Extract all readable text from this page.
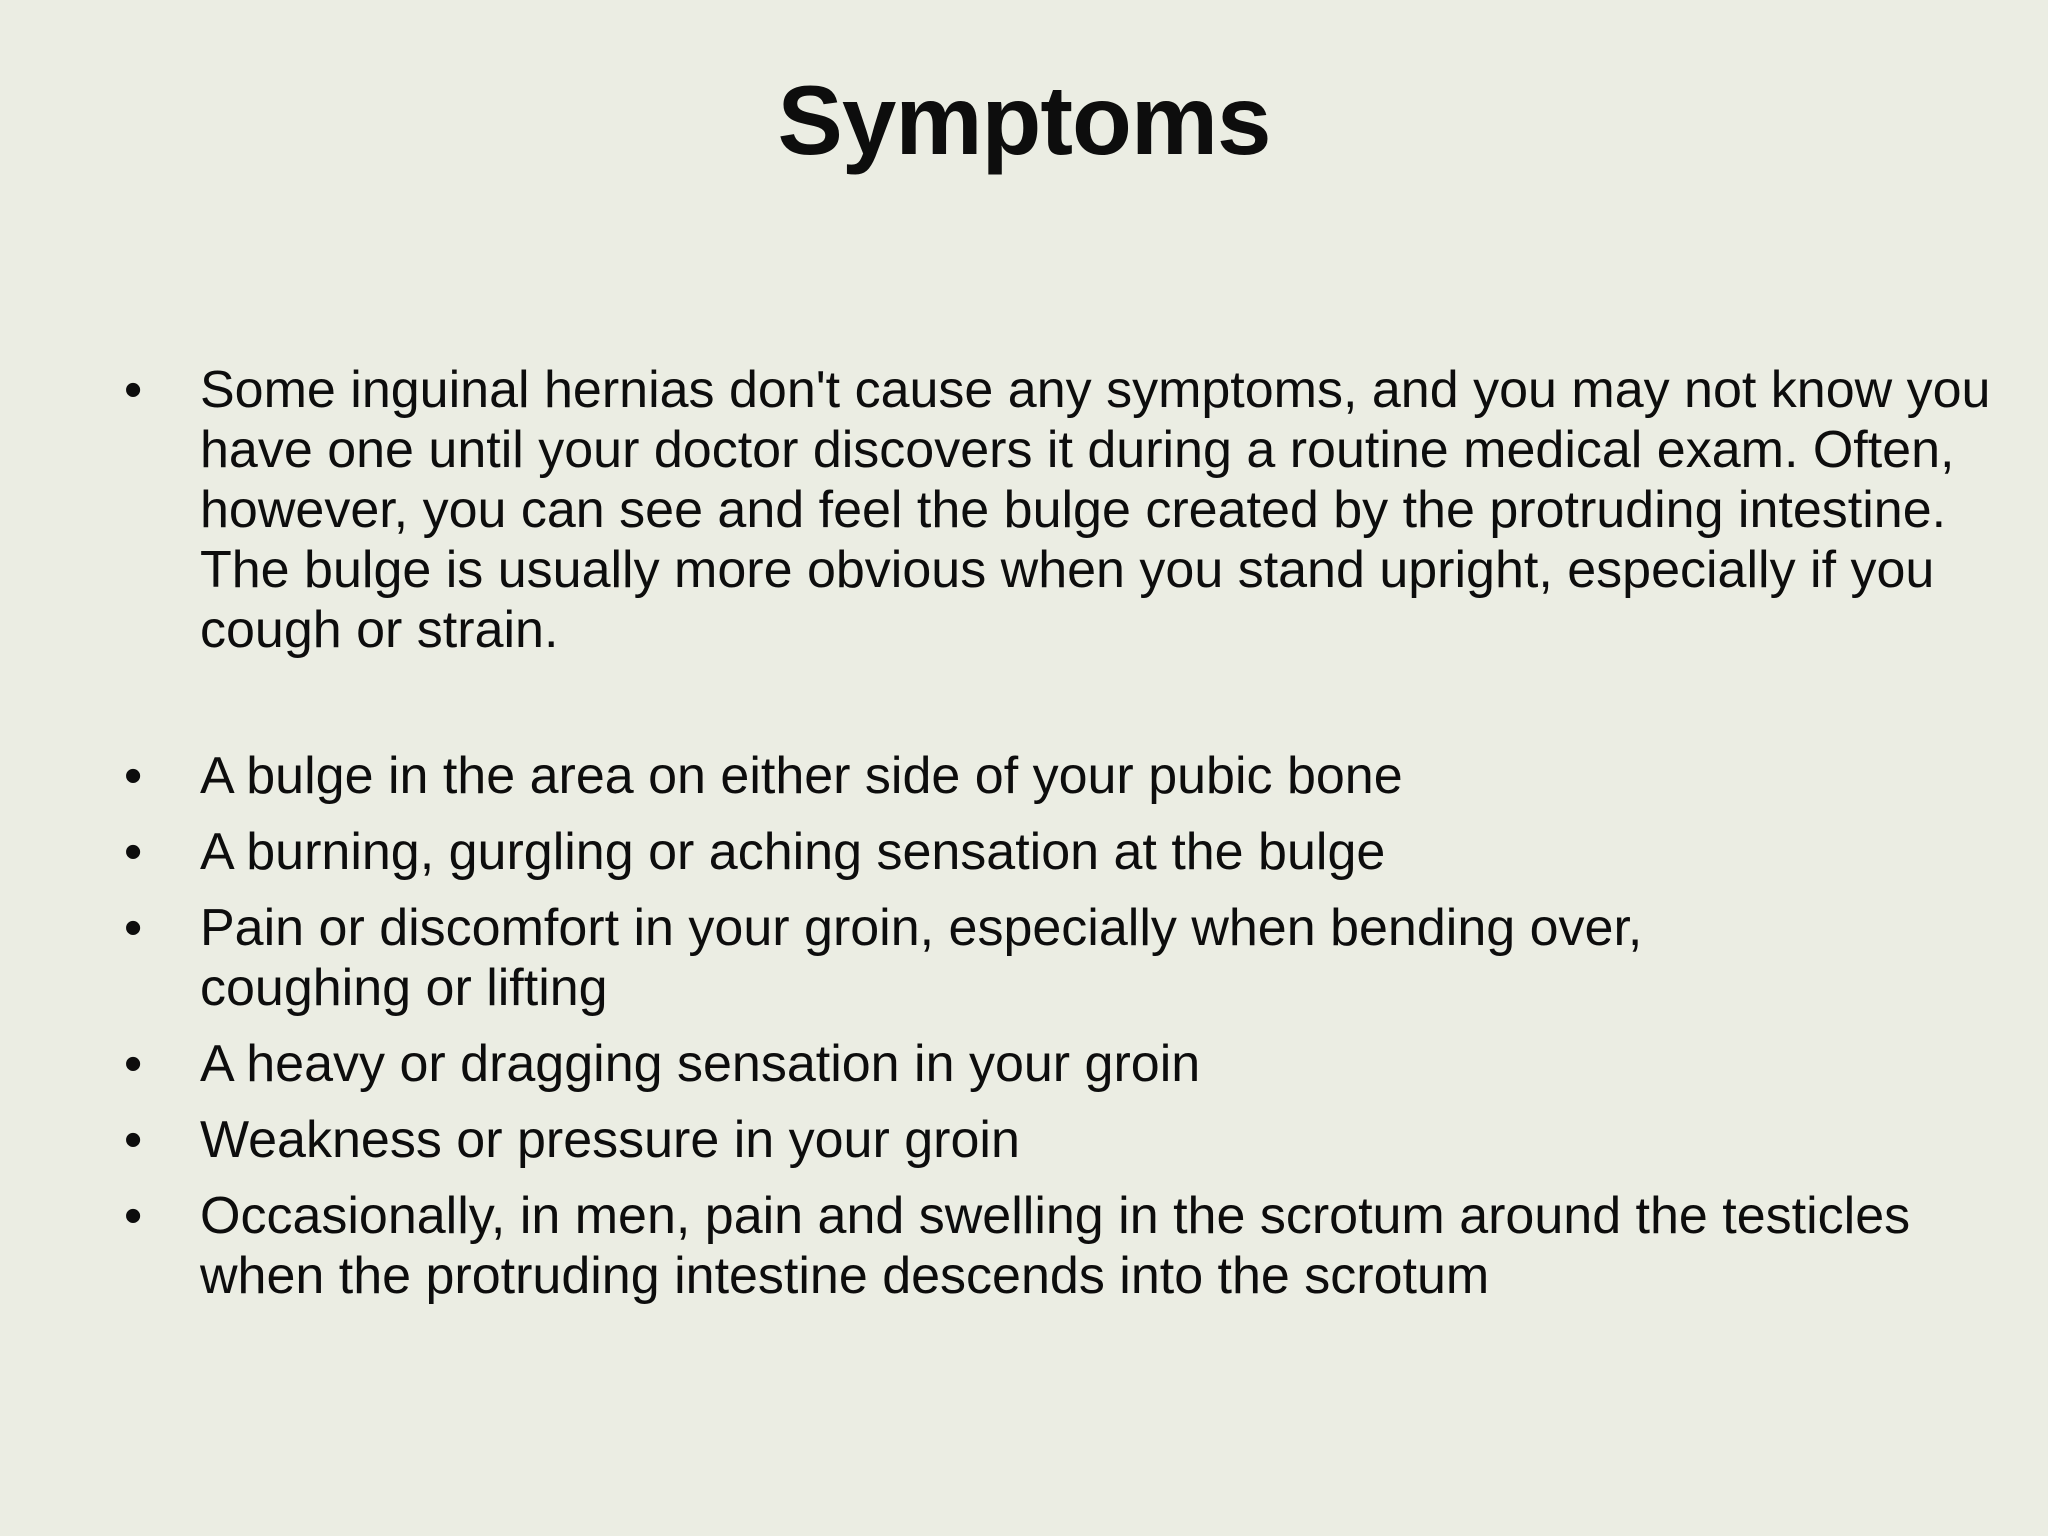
Symptoms
•	Some inguinal hernias don't cause any symptoms, and you may not know you have one until your doctor discovers it during a routine medical exam. Often, however, you can see and feel the bulge created by the protruding intestine. The bulge is usually more obvious when you stand upright, especially if you cough or strain.
•	A bulge in the area on either side of your pubic bone
•	A burning, gurgling or aching sensation at the bulge
•	Pain or discomfort in your groin, especially when bending over, coughing or lifting
•	A heavy or dragging sensation in your groin
•	Weakness or pressure in your groin
•	Occasionally, in men, pain and swelling in the scrotum around the testicles when the protruding intestine descends into the scrotum
